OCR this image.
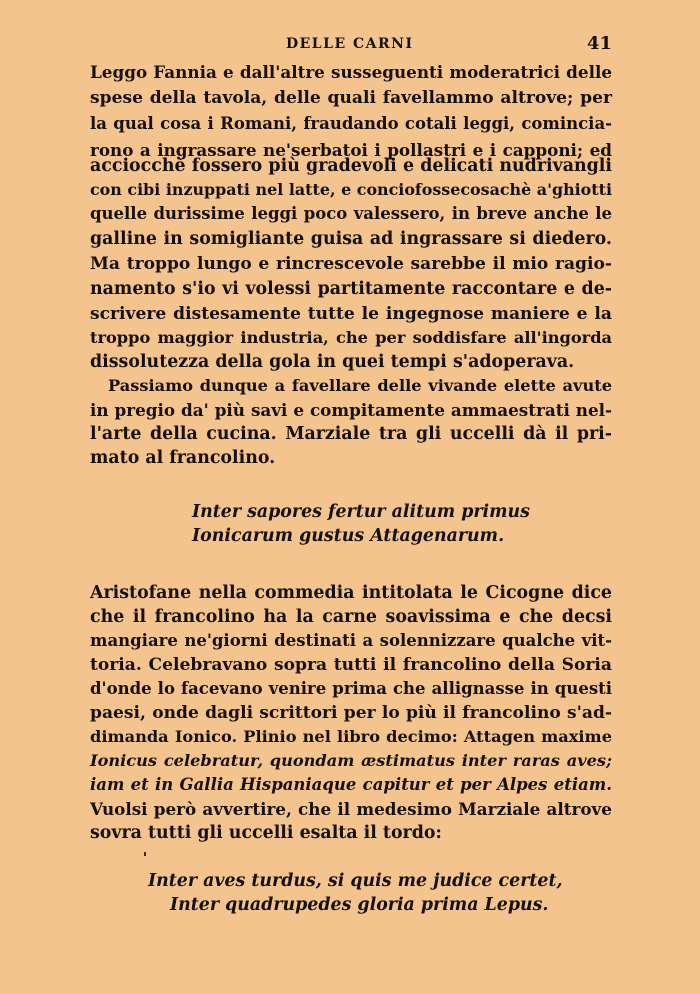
DELLE CARNI	41
Leggo Fannia e dall'altre susseguenti moderatrici delle
spese della tavola, delle quali favellammo altrove; per
la qual cosa i Romani, fraudando cotali leggi, comincia-
rono a ingrassare ne'serbatoi i pollastri e i capponi; ed
acciocchè fossero più gradevoli e delicati nudrivangli
con cibi inzuppati nel latte, e conciofossecosachè a'ghiotti
quelle durissime leggi poco valessero, in breve anche le
galline in somigliante guisa ad ingrassare si diedero.
Ma troppo lungo e rincrescevole sarebbe il mio ragio-
namento s'io vi volessi partitamente raccontare e de-
scrivere distesamente tutte le ingegnose maniere e la
troppo maggior industria, che per soddisfare all'ingorda
dissolutezza della gola in quei tempi s'adoperava.
Passiamo dunque a favellare delle vivande elette avute
in pregio da' più savi e compitamente ammaestrati nel-
l'arte della cucina. Marziale tra gli uccelli dà il pri-
mato al francolino.
Inter sapores fertur alitum primus
Ionicarum gustus Attagenarum.
Aristofane nella commedia intitolata le Cicogne dice
che il francolino ha la carne soavissima e che decsi
mangiare ne'giorni destinati a solennizzare qualche vit-
toria. Celebravano sopra tutti il francolino della Soria
d'onde lo facevano venire prima che allignasse in questi
paesi, onde dagli scrittori per lo più il francolino s'ad-
dimanda Ionico. Plinio nel libro decimo: Attagen maxime
Ionicus celebratur, quondam æstimatus inter raras aves;
iam et in Gallia Hispaniaque capitur et per Alpes etiam.
Vuolsi però avvertire, che il medesimo Marziale altrove
sovra tutti gli uccelli esalta il tordo:
Inter aves turdus, si quis me judice certet,
Inter quadrupedes gloria prima Lepus.
